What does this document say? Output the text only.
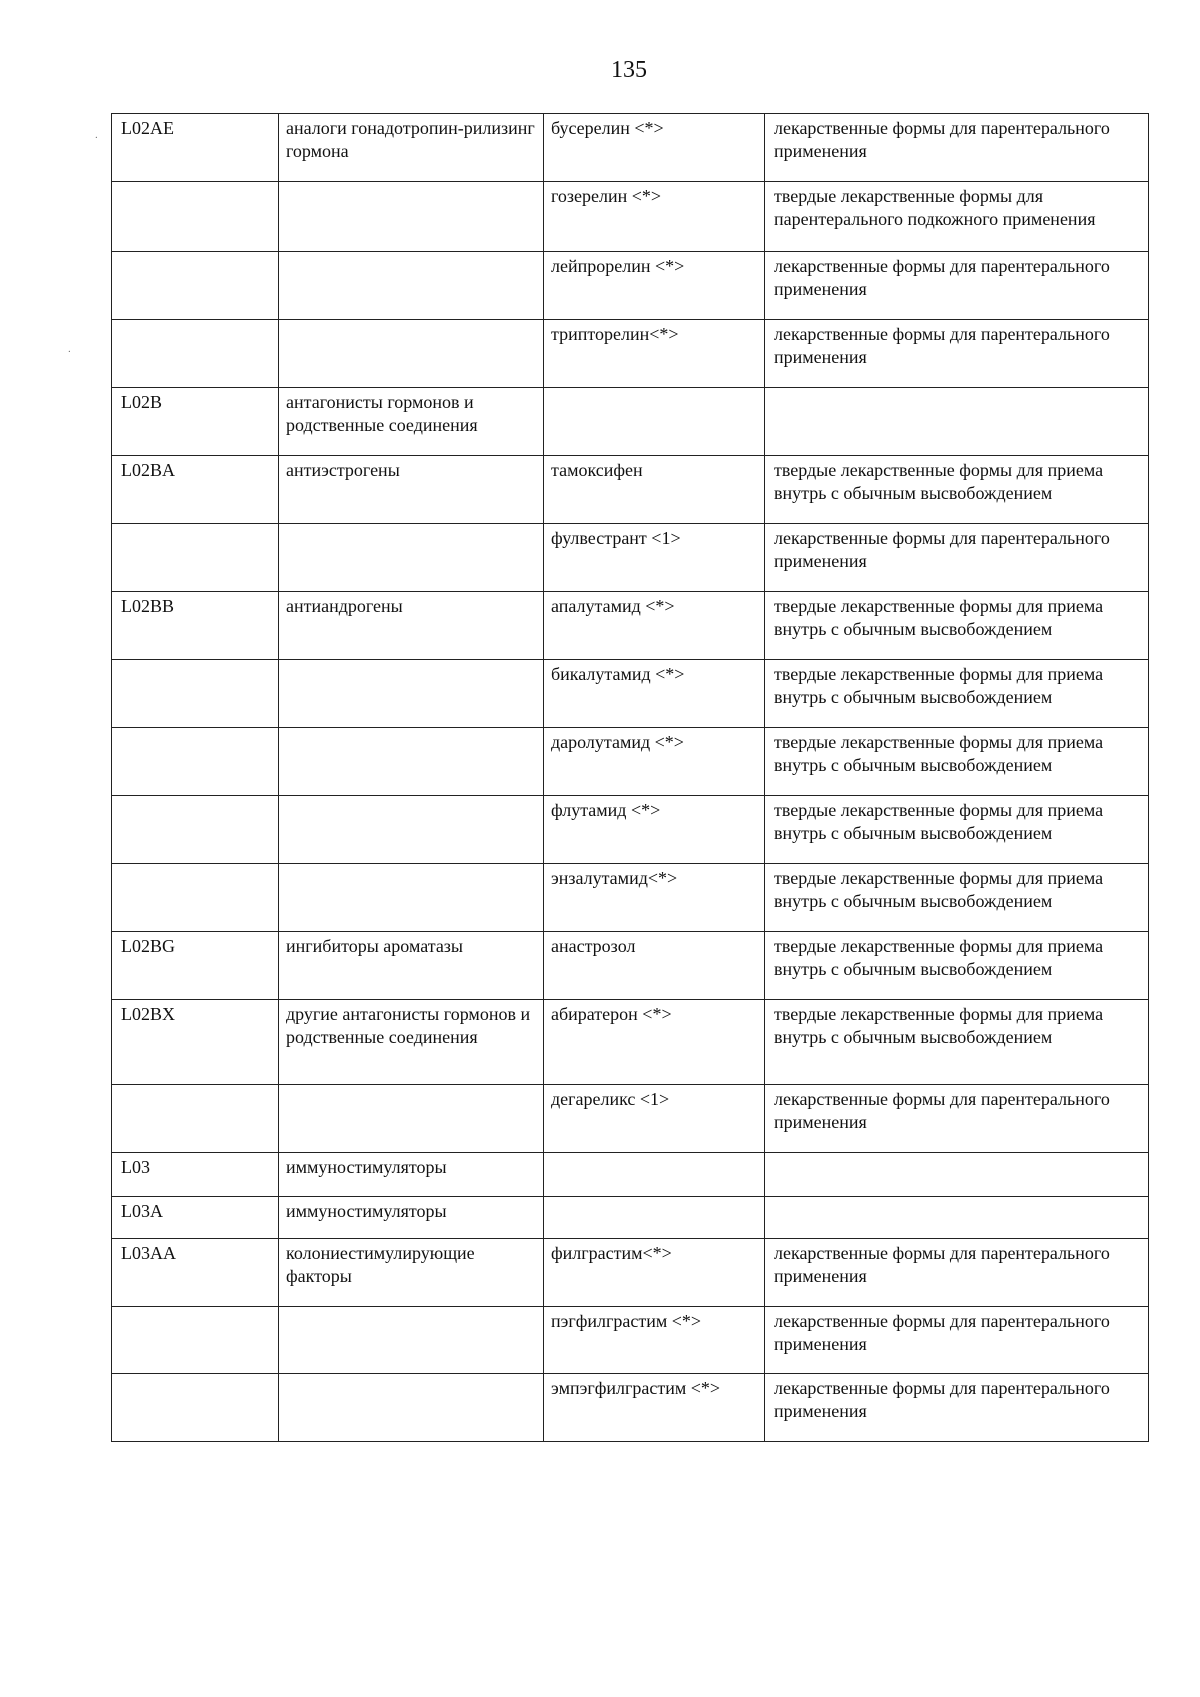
135
.
.
L02AE	аналоги гонадотропин-рилизинг гормона	бусерелин <*>	лекарственные формы для парентерального применения
		гозерелин <*>	твердые лекарственные формы для парентерального подкожного применения
		лейпрорелин <*>	лекарственные формы для парентерального применения
		трипторелин<*>	лекарственные формы для парентерального применения
L02B	антагонисты гормонов и родственные соединения		
L02BA	антиэстрогены	тамоксифен	твердые лекарственные формы для приема внутрь с обычным высвобождением
		фулвестрант <1>	лекарственные формы для парентерального применения
L02BB	антиандрогены	апалутамид <*>	твердые лекарственные формы для приема внутрь с обычным высвобождением
		бикалутамид <*>	твердые лекарственные формы для приема внутрь с обычным высвобождением
		даролутамид <*>	твердые лекарственные формы для приема внутрь с обычным высвобождением
		флутамид <*>	твердые лекарственные формы для приема внутрь с обычным высвобождением
		энзалутамид<*>	твердые лекарственные формы для приема внутрь с обычным высвобождением
L02BG	ингибиторы ароматазы	анастрозол	твердые лекарственные формы для приема внутрь с обычным высвобождением
L02BX	другие антагонисты гормонов и родственные соединения	абиратерон <*>	твердые лекарственные формы для приема внутрь с обычным высвобождением
		дегареликс <1>	лекарственные формы для парентерального применения
L03	иммуностимуляторы		
L03A	иммуностимуляторы		
L03AA	колониестимулирующие факторы	филграстим<*>	лекарственные формы для парентерального применения
		пэгфилграстим <*>	лекарственные формы для парентерального применения
		эмпэгфилграстим <*>	лекарственные формы для парентерального применения
